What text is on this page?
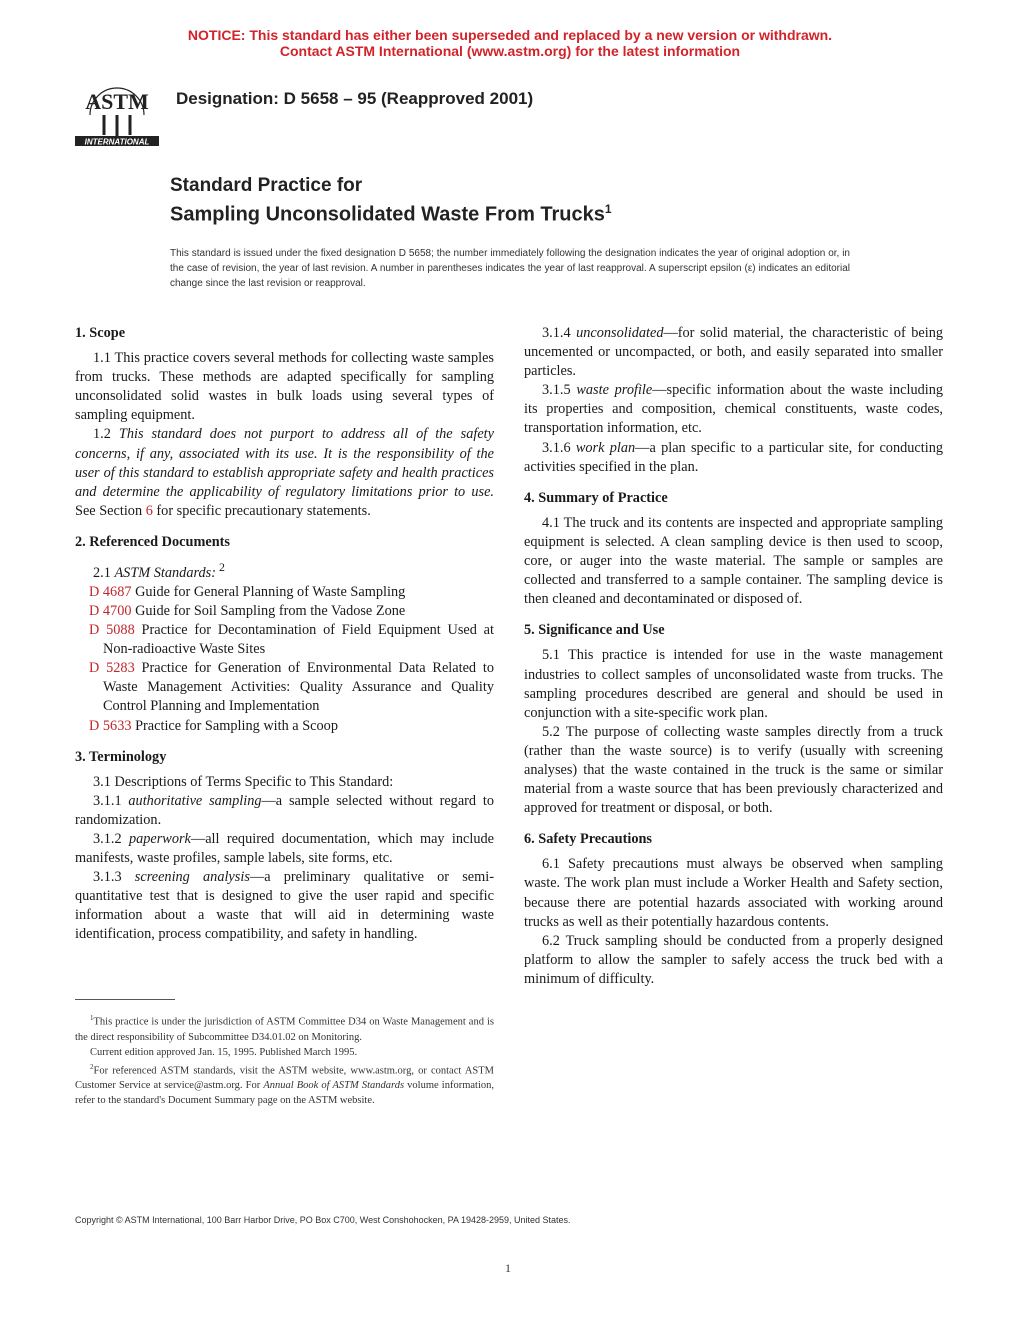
NOTICE: This standard has either been superseded and replaced by a new version or withdrawn.
Contact ASTM International (www.astm.org) for the latest information
ASTM
INTERNATIONAL
Designation: D 5658 – 95 (Reapproved 2001)
Standard Practice for
Sampling Unconsolidated Waste From Trucks$^1$
This standard is issued under the fixed designation D 5658; the number immediately following the designation indicates the year of original adoption or, in the case of revision, the year of last revision. A number in parentheses indicates the year of last reapproval. A superscript epsilon (ε) indicates an editorial change since the last revision or reapproval.
1. Scope

1.1 This practice covers several methods for collecting waste samples from trucks. These methods are adapted specifically for sampling unconsolidated solid wastes in bulk loads using several types of sampling equipment.

1.2 This standard does not purport to address all of the safety concerns, if any, associated with its use. It is the responsibility of the user of this standard to establish appropriate safety and health practices and determine the applicability of regulatory limitations prior to use. See Section 6 for specific precautionary statements.

2. Referenced Documents

2.1 ASTM Standards: $^2$

D 4687 Guide for General Planning of Waste Sampling

D 4700 Guide for Soil Sampling from the Vadose Zone

D 5088 Practice for Decontamination of Field Equipment Used at Non-radioactive Waste Sites

D 5283 Practice for Generation of Environmental Data Related to Waste Management Activities: Quality Assurance and Quality Control Planning and Implementation

D 5633 Practice for Sampling with a Scoop

3. Terminology

3.1 Descriptions of Terms Specific to This Standard:

3.1.1 authoritative sampling—a sample selected without regard to randomization.

3.1.2 paperwork—all required documentation, which may include manifests, waste profiles, sample labels, site forms, etc.

3.1.3 screening analysis—a preliminary qualitative or semi-quantitative test that is designed to give the user rapid and specific information about a waste that will aid in determining waste identification, process compatibility, and safety in handling.

$^1$This practice is under the jurisdiction of ASTM Committee D34 on Waste Management and is the direct responsibility of Subcommittee D34.01.02 on Monitoring.

Current edition approved Jan. 15, 1995. Published March 1995.

$^2$For referenced ASTM standards, visit the ASTM website, www.astm.org, or contact ASTM Customer Service at service@astm.org. For Annual Book of ASTM Standards volume information, refer to the standard's Document Summary page on the ASTM website.

3.1.4 unconsolidated—for solid material, the characteristic of being uncemented or uncompacted, or both, and easily separated into smaller particles.

3.1.5 waste profile—specific information about the waste including its properties and composition, chemical constituents, waste codes, transportation information, etc.

3.1.6 work plan—a plan specific to a particular site, for conducting activities specified in the plan.

4. Summary of Practice

4.1 The truck and its contents are inspected and appropriate sampling equipment is selected. A clean sampling device is then used to scoop, core, or auger into the waste material. The sample or samples are collected and transferred to a sample container. The sampling device is then cleaned and decontaminated or disposed of.

5. Significance and Use

5.1 This practice is intended for use in the waste management industries to collect samples of unconsolidated waste from trucks. The sampling procedures described are general and should be used in conjunction with a site-specific work plan.

5.2 The purpose of collecting waste samples directly from a truck (rather than the waste source) is to verify (usually with screening analyses) that the waste contained in the truck is the same or similar material from a waste source that has been previously characterized and approved for treatment or disposal, or both.

6. Safety Precautions

6.1 Safety precautions must always be observed when sampling waste. The work plan must include a Worker Health and Safety section, because there are potential hazards associated with working around trucks as well as their potentially hazardous contents.

6.2 Truck sampling should be conducted from a properly designed platform to allow the sampler to safely access the truck bed with a minimum of difficulty.

Copyright © ASTM International, 100 Barr Harbor Drive, PO Box C700, West Conshohocken, PA 19428-2959, United States.
1
